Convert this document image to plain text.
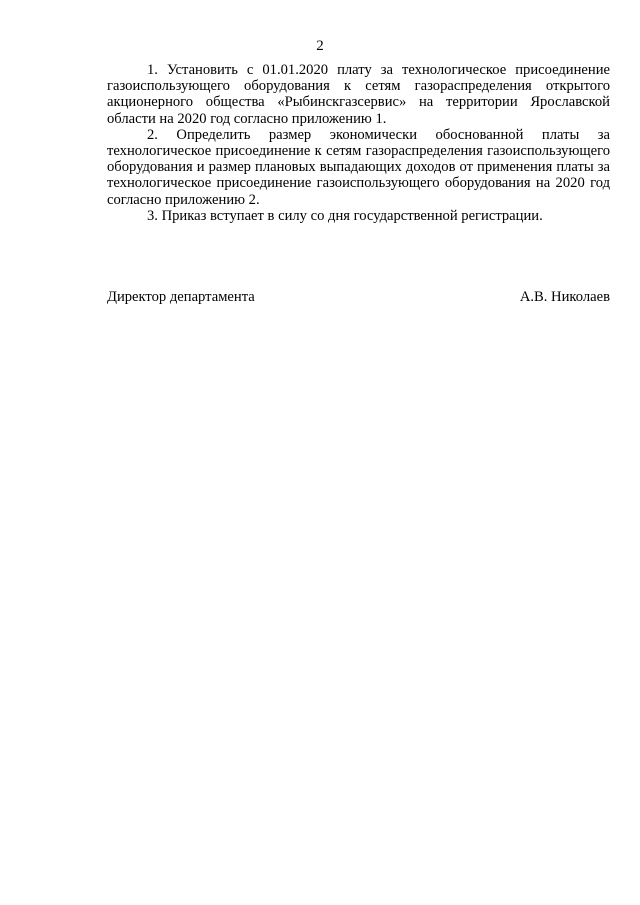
2

1. Установить с 01.01.2020 плату за технологическое присоединение газоиспользующего оборудования к сетям газораспределения открытого акционерного общества «Рыбинскгазсервис» на территории Ярославской области на 2020 год согласно приложению 1.

2. Определить размер экономически обоснованной платы за технологическое присоединение к сетям газораспределения газоиспользующего оборудования и размер плановых выпадающих доходов от применения платы за технологическое присоединение газоиспользующего оборудования на 2020 год согласно приложению 2.

3. Приказ вступает в силу со дня государственной регистрации.

Директор департамента	А.В. Николаев
